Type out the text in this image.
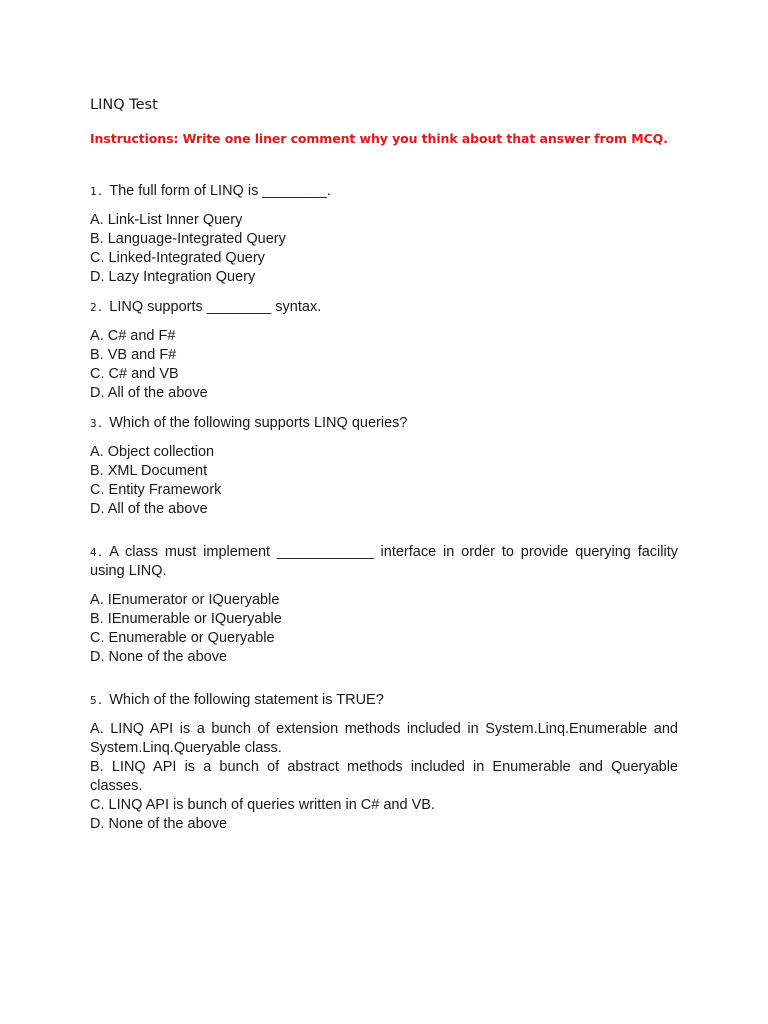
LINQ Test
Instructions: Write one liner comment why you think about that answer from MCQ.
1. The full form of LINQ is ________.
A. Link-List Inner Query
B. Language-Integrated Query
C. Linked-Integrated Query
D. Lazy Integration Query
2. LINQ supports ________ syntax.
A. C# and F#
B. VB and F#
C. C# and VB
D. All of the above
3. Which of the following supports LINQ queries?
A. Object collection
B. XML Document
C. Entity Framework
D. All of the above
4. A class must implement ____________ interface in order to provide querying facility using LINQ.
A. IEnumerator or IQueryable
B. IEnumerable or IQueryable
C. Enumerable or Queryable
D. None of the above
5. Which of the following statement is TRUE?
A. LINQ API is a bunch of extension methods included in System.Linq.Enumerable and System.Linq.Queryable class.
B. LINQ API is a bunch of abstract methods included in Enumerable and Queryable classes.
C. LINQ API is bunch of queries written in C# and VB.
D. None of the above
